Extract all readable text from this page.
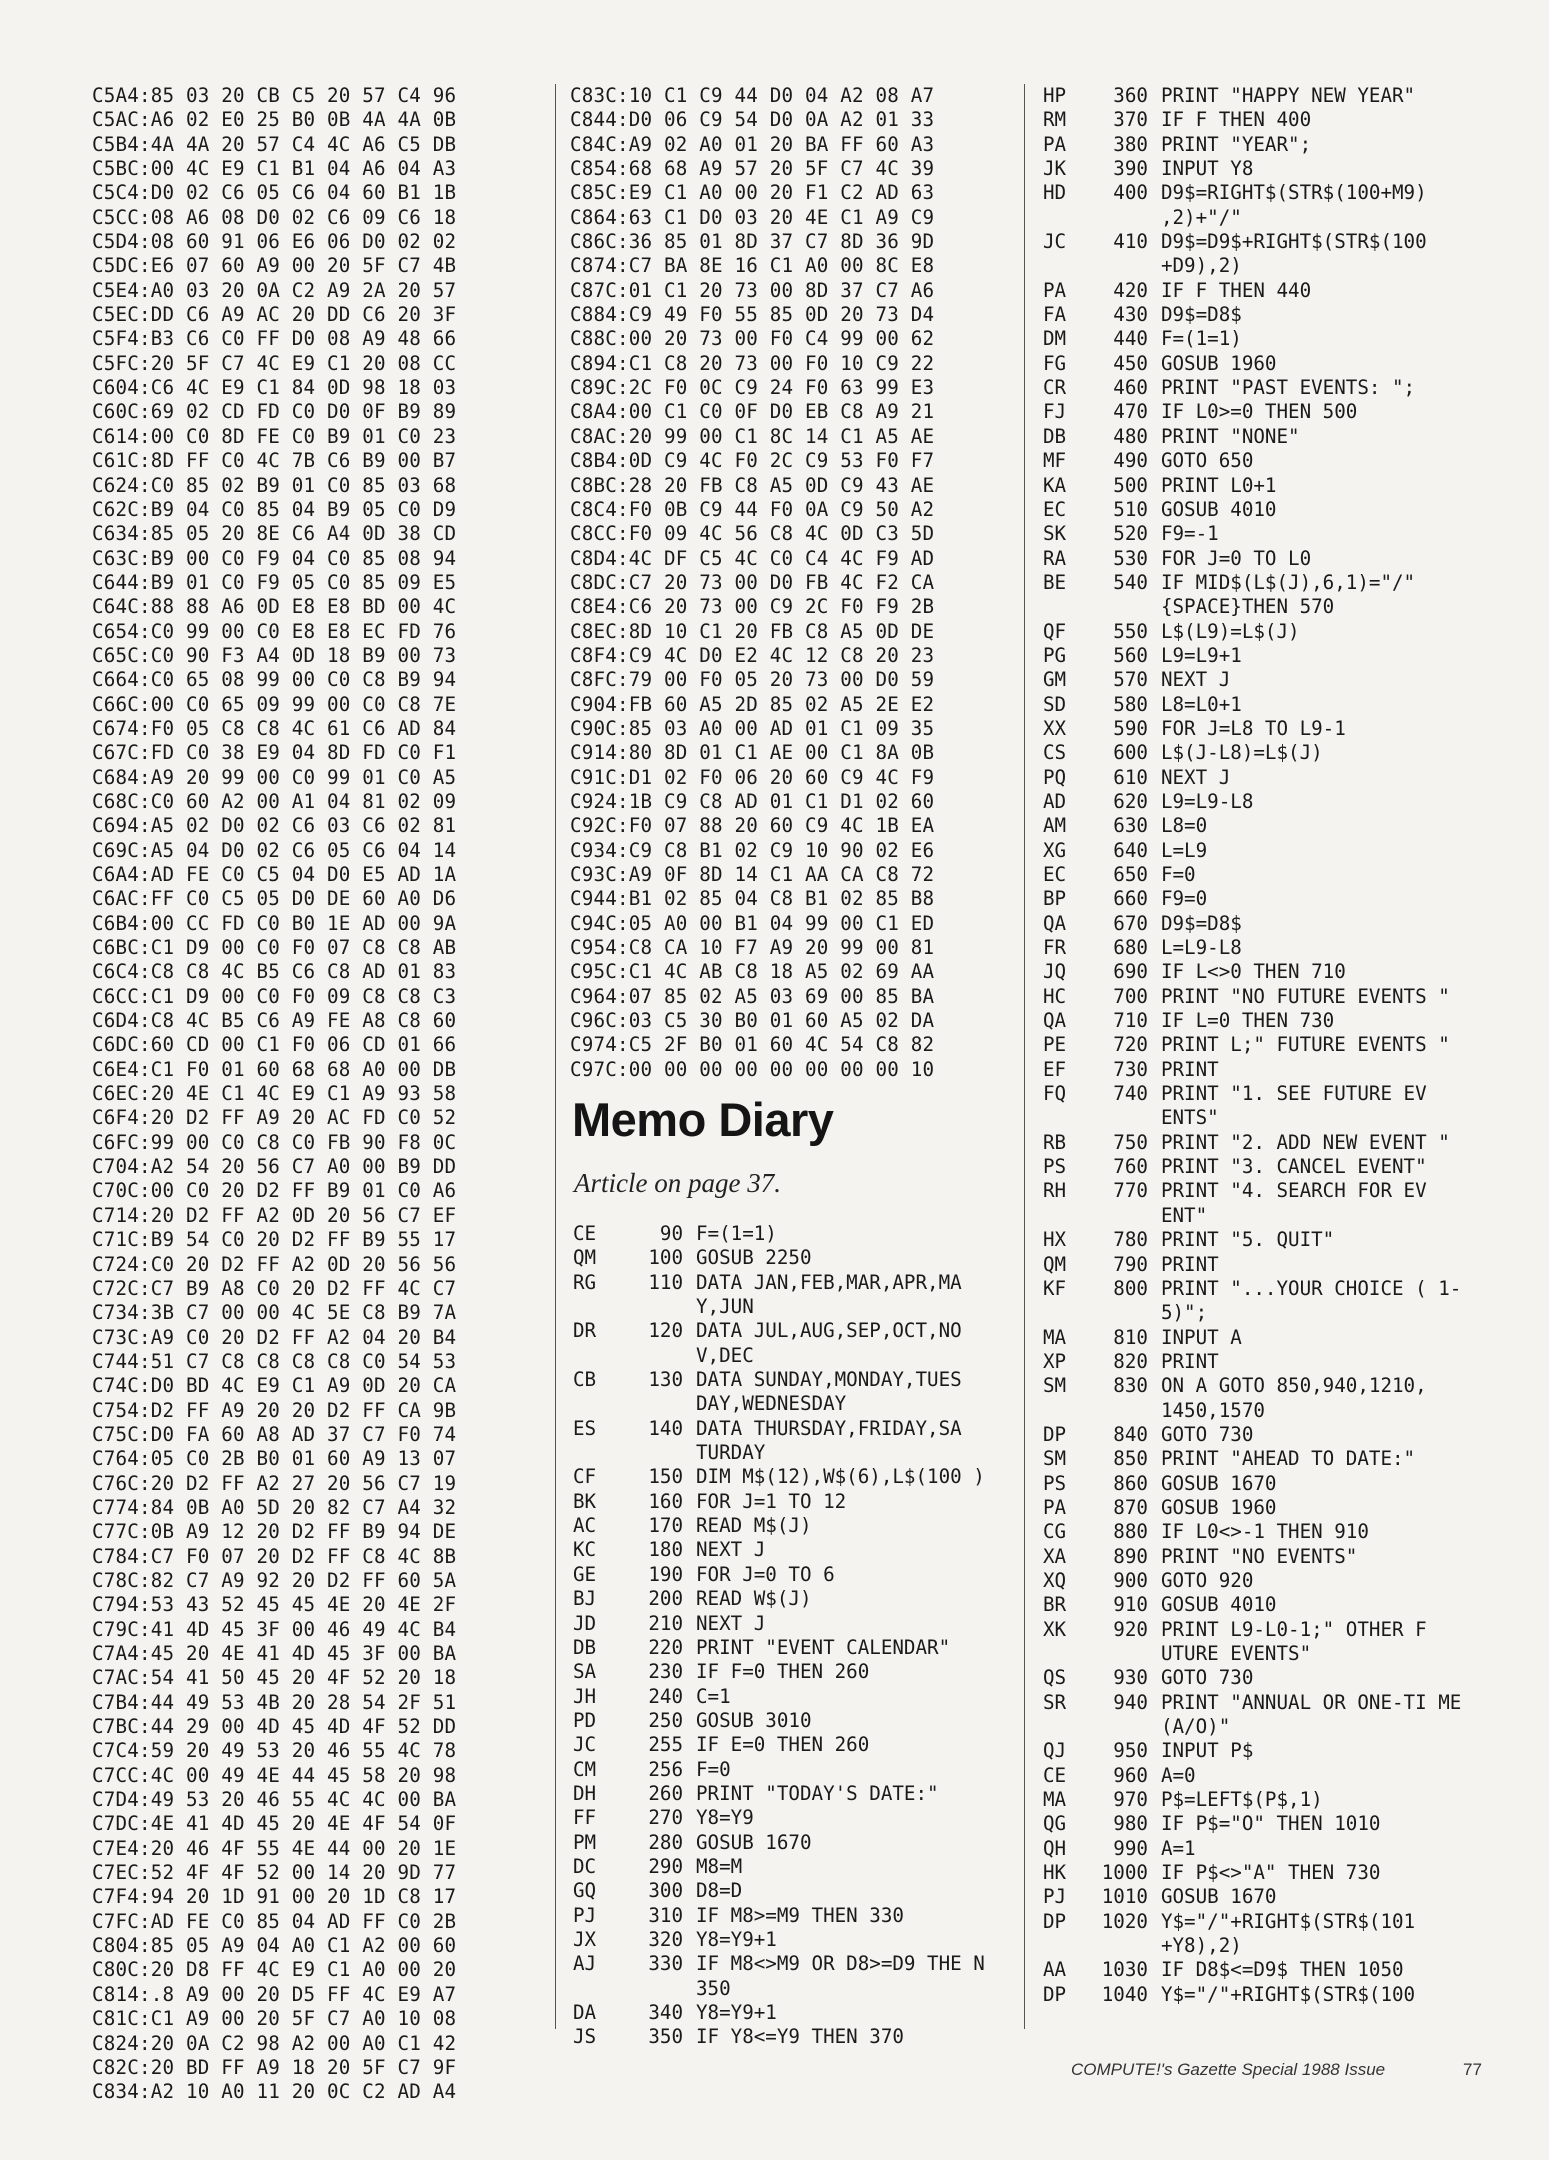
C5A4:85 03 20 CB C5 20 57 C4 96
C5AC:A6 02 E0 25 B0 0B 4A 4A 0B
C5B4:4A 4A 20 57 C4 4C A6 C5 DB
C5BC:00 4C E9 C1 B1 04 A6 04 A3
C5C4:D0 02 C6 05 C6 04 60 B1 1B
C5CC:08 A6 08 D0 02 C6 09 C6 18
C5D4:08 60 91 06 E6 06 D0 02 02
C5DC:E6 07 60 A9 00 20 5F C7 4B
C5E4:A0 03 20 0A C2 A9 2A 20 57
C5EC:DD C6 A9 AC 20 DD C6 20 3F
C5F4:B3 C6 C0 FF D0 08 A9 48 66
C5FC:20 5F C7 4C E9 C1 20 08 CC
C604:C6 4C E9 C1 84 0D 98 18 03
C60C:69 02 CD FD C0 D0 0F B9 89
C614:00 C0 8D FE C0 B9 01 C0 23
C61C:8D FF C0 4C 7B C6 B9 00 B7
C624:C0 85 02 B9 01 C0 85 03 68
C62C:B9 04 C0 85 04 B9 05 C0 D9
C634:85 05 20 8E C6 A4 0D 38 CD
C63C:B9 00 C0 F9 04 C0 85 08 94
C644:B9 01 C0 F9 05 C0 85 09 E5
C64C:88 88 A6 0D E8 E8 BD 00 4C
C654:C0 99 00 C0 E8 E8 EC FD 76
C65C:C0 90 F3 A4 0D 18 B9 00 73
C664:C0 65 08 99 00 C0 C8 B9 94
C66C:00 C0 65 09 99 00 C0 C8 7E
C674:F0 05 C8 C8 4C 61 C6 AD 84
C67C:FD C0 38 E9 04 8D FD C0 F1
C684:A9 20 99 00 C0 99 01 C0 A5
C68C:C0 60 A2 00 A1 04 81 02 09
C694:A5 02 D0 02 C6 03 C6 02 81
C69C:A5 04 D0 02 C6 05 C6 04 14
C6A4:AD FE C0 C5 04 D0 E5 AD 1A
C6AC:FF C0 C5 05 D0 DE 60 A0 D6
C6B4:00 CC FD C0 B0 1E AD 00 9A
C6BC:C1 D9 00 C0 F0 07 C8 C8 AB
C6C4:C8 C8 4C B5 C6 C8 AD 01 83
C6CC:C1 D9 00 C0 F0 09 C8 C8 C3
C6D4:C8 4C B5 C6 A9 FE A8 C8 60
C6DC:60 CD 00 C1 F0 06 CD 01 66
C6E4:C1 F0 01 60 68 68 A0 00 DB
C6EC:20 4E C1 4C E9 C1 A9 93 58
C6F4:20 D2 FF A9 20 AC FD C0 52
C6FC:99 00 C0 C8 C0 FB 90 F8 0C
C704:A2 54 20 56 C7 A0 00 B9 DD
C70C:00 C0 20 D2 FF B9 01 C0 A6
C714:20 D2 FF A2 0D 20 56 C7 EF
C71C:B9 54 C0 20 D2 FF B9 55 17
C724:C0 20 D2 FF A2 0D 20 56 56
C72C:C7 B9 A8 C0 20 D2 FF 4C C7
C734:3B C7 00 00 4C 5E C8 B9 7A
C73C:A9 C0 20 D2 FF A2 04 20 B4
C744:51 C7 C8 C8 C8 C8 C0 54 53
C74C:D0 BD 4C E9 C1 A9 0D 20 CA
C754:D2 FF A9 20 20 D2 FF CA 9B
C75C:D0 FA 60 A8 AD 37 C7 F0 74
C764:05 C0 2B B0 01 60 A9 13 07
C76C:20 D2 FF A2 27 20 56 C7 19
C774:84 0B A0 5D 20 82 C7 A4 32
C77C:0B A9 12 20 D2 FF B9 94 DE
C784:C7 F0 07 20 D2 FF C8 4C 8B
C78C:82 C7 A9 92 20 D2 FF 60 5A
C794:53 43 52 45 45 4E 20 4E 2F
C79C:41 4D 45 3F 00 46 49 4C B4
C7A4:45 20 4E 41 4D 45 3F 00 BA
C7AC:54 41 50 45 20 4F 52 20 18
C7B4:44 49 53 4B 20 28 54 2F 51
C7BC:44 29 00 4D 45 4D 4F 52 DD
C7C4:59 20 49 53 20 46 55 4C 78
C7CC:4C 00 49 4E 44 45 58 20 98
C7D4:49 53 20 46 55 4C 4C 00 BA
C7DC:4E 41 4D 45 20 4E 4F 54 0F
C7E4:20 46 4F 55 4E 44 00 20 1E
C7EC:52 4F 4F 52 00 14 20 9D 77
C7F4:94 20 1D 91 00 20 1D C8 17
C7FC:AD FE C0 85 04 AD FF C0 2B
C804:85 05 A9 04 A0 C1 A2 00 60
C80C:20 D8 FF 4C E9 C1 A0 00 20
C814:.8 A9 00 20 D5 FF 4C E9 A7
C81C:C1 A9 00 20 5F C7 A0 10 08
C824:20 0A C2 98 A2 00 A0 C1 42
C82C:20 BD FF A9 18 20 5F C7 9F
C834:A2 10 A0 11 20 0C C2 AD A4
C83C:10 C1 C9 44 D0 04 A2 08 A7
C844:D0 06 C9 54 D0 0A A2 01 33
C84C:A9 02 A0 01 20 BA FF 60 A3
C854:68 68 A9 57 20 5F C7 4C 39
C85C:E9 C1 A0 00 20 F1 C2 AD 63
C864:63 C1 D0 03 20 4E C1 A9 C9
C86C:36 85 01 8D 37 C7 8D 36 9D
C874:C7 BA 8E 16 C1 A0 00 8C E8
C87C:01 C1 20 73 00 8D 37 C7 A6
C884:C9 49 F0 55 85 0D 20 73 D4
C88C:00 20 73 00 F0 C4 99 00 62
C894:C1 C8 20 73 00 F0 10 C9 22
C89C:2C F0 0C C9 24 F0 63 99 E3
C8A4:00 C1 C0 0F D0 EB C8 A9 21
C8AC:20 99 00 C1 8C 14 C1 A5 AE
C8B4:0D C9 4C F0 2C C9 53 F0 F7
C8BC:28 20 FB C8 A5 0D C9 43 AE
C8C4:F0 0B C9 44 F0 0A C9 50 A2
C8CC:F0 09 4C 56 C8 4C 0D C3 5D
C8D4:4C DF C5 4C C0 C4 4C F9 AD
C8DC:C7 20 73 00 D0 FB 4C F2 CA
C8E4:C6 20 73 00 C9 2C F0 F9 2B
C8EC:8D 10 C1 20 FB C8 A5 0D DE
C8F4:C9 4C D0 E2 4C 12 C8 20 23
C8FC:79 00 F0 05 20 73 00 D0 59
C904:FB 60 A5 2D 85 02 A5 2E E2
C90C:85 03 A0 00 AD 01 C1 09 35
C914:80 8D 01 C1 AE 00 C1 8A 0B
C91C:D1 02 F0 06 20 60 C9 4C F9
C924:1B C9 C8 AD 01 C1 D1 02 60
C92C:F0 07 88 20 60 C9 4C 1B EA
C934:C9 C8 B1 02 C9 10 90 02 E6
C93C:A9 0F 8D 14 C1 AA CA C8 72
C944:B1 02 85 04 C8 B1 02 85 B8
C94C:05 A0 00 B1 04 99 00 C1 ED
C954:C8 CA 10 F7 A9 20 99 00 81
C95C:C1 4C AB C8 18 A5 02 69 AA
C964:07 85 02 A5 03 69 00 85 BA
C96C:03 C5 30 B0 01 60 A5 02 DA
C974:C5 2F B0 01 60 4C 54 C8 82
C97C:00 00 00 00 00 00 00 00 10
Memo Diary
Article on page 37.
CE	90	F=(1=1)
QM	100	GOSUB 2250
RG	110	DATA JAN,FEB,MAR,APR,MA Y,JUN
DR	120	DATA JUL,AUG,SEP,OCT,NO V,DEC
CB	130	DATA SUNDAY,MONDAY,TUES DAY,WEDNESDAY
ES	140	DATA THURSDAY,FRIDAY,SA TURDAY
CF	150	DIM M$(12),W$(6),L$(100 )
BK	160	FOR J=1 TO 12
AC	170	READ M$(J)
KC	180	NEXT J
GE	190	FOR J=0 TO 6
BJ	200	READ W$(J)
JD	210	NEXT J
DB	220	PRINT "EVENT CALENDAR"
SA	230	IF F=0 THEN 260
JH	240	C=1
PD	250	GOSUB 3010
JC	255	IF E=0 THEN 260
CM	256	F=0
DH	260	PRINT "TODAY'S DATE:"
FF	270	Y8=Y9
PM	280	GOSUB 1670
DC	290	M8=M
GQ	300	D8=D
PJ	310	IF M8>=M9 THEN 330
JX	320	Y8=Y9+1
AJ	330	IF M8<>M9 OR D8>=D9 THE N 350
DA	340	Y8=Y9+1
JS	350	IF Y8<=Y9 THEN 370
HP	360	PRINT "HAPPY NEW YEAR"
RM	370	IF F THEN 400
PA	380	PRINT "YEAR";
JK	390	INPUT Y8
HD	400	D9$=RIGHT$(STR$(100+M9) ,2)+"/"
JC	410	D9$=D9$+RIGHT$(STR$(100 +D9),2)
PA	420	IF F THEN 440
FA	430	D9$=D8$
DM	440	F=(1=1)
FG	450	GOSUB 1960
CR	460	PRINT "PAST EVENTS: ";
FJ	470	IF L0>=0 THEN 500
DB	480	PRINT "NONE"
MF	490	GOTO 650
KA	500	PRINT L0+1
EC	510	GOSUB 4010
SK	520	F9=-1
RA	530	FOR J=0 TO L0
BE	540	IF MID$(L$(J),6,1)="/" {SPACE}THEN 570
QF	550	L$(L9)=L$(J)
PG	560	L9=L9+1
GM	570	NEXT J
SD	580	L8=L0+1
XX	590	FOR J=L8 TO L9-1
CS	600	L$(J-L8)=L$(J)
PQ	610	NEXT J
AD	620	L9=L9-L8
AM	630	L8=0
XG	640	L=L9
EC	650	F=0
BP	660	F9=0
QA	670	D9$=D8$
FR	680	L=L9-L8
JQ	690	IF L<>0 THEN 710
HC	700	PRINT "NO FUTURE EVENTS "
QA	710	IF L=0 THEN 730
PE	720	PRINT L;" FUTURE EVENTS "
EF	730	PRINT
FQ	740	PRINT "1. SEE FUTURE EV ENTS"
RB	750	PRINT "2. ADD NEW EVENT "
PS	760	PRINT "3. CANCEL EVENT"
RH	770	PRINT "4. SEARCH FOR EV ENT"
HX	780	PRINT "5. QUIT"
QM	790	PRINT
KF	800	PRINT "...YOUR CHOICE ( 1-5)";
MA	810	INPUT A
XP	820	PRINT
SM	830	ON A GOTO 850,940,1210, 1450,1570
DP	840	GOTO 730
SM	850	PRINT "AHEAD TO DATE:"
PS	860	GOSUB 1670
PA	870	GOSUB 1960
CG	880	IF L0<>-1 THEN 910
XA	890	PRINT "NO EVENTS"
XQ	900	GOTO 920
BR	910	GOSUB 4010
XK	920	PRINT L9-L0-1;" OTHER F UTURE EVENTS"
QS	930	GOTO 730
SR	940	PRINT "ANNUAL OR ONE-TI ME (A/O)"
QJ	950	INPUT P$
CE	960	A=0
MA	970	P$=LEFT$(P$,1)
QG	980	IF P$="O" THEN 1010
QH	990	A=1
HK	1000	IF P$<>"A" THEN 730
PJ	1010	GOSUB 1670
DP	1020	Y$="/"+RIGHT$(STR$(101 +Y8),2)
AA	1030	IF D8$<=D9$ THEN 1050
DP	1040	Y$="/"+RIGHT$(STR$(100
COMPUTE!'s Gazette Special 1988 Issue	77
